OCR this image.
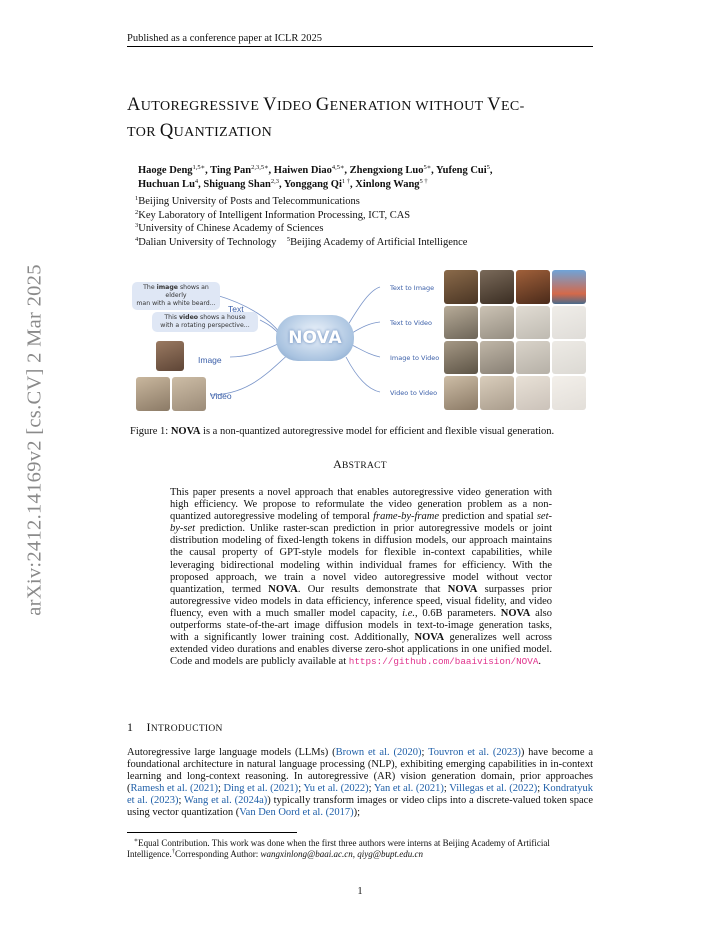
Published as a conference paper at ICLR 2025
arXiv:2412.14169v2 [cs.CV] 2 Mar 2025
AUTOREGRESSIVE VIDEO GENERATION WITHOUT VEC-
TOR QUANTIZATION
Haoge Deng$^{1,5∗}$, Ting Pan$^{2,3,5∗}$, Haiwen Diao$^{4,5∗}$, Zhengxiong Luo$^{5∗}$, Yufeng Cui$^5$,
Huchuan Lu$^4$, Shiguang Shan$^{2,3}$, Yonggang $Qi^{1 \dagger}$, Xinlong Wang$^{5 \dagger}$
$^1$Beijing University of Posts and Telecommunications
$^2$Key Laboratory of Intelligent Information Processing, ICT, CAS
$^3$University of Chinese Academy of Sciences
$^4$Dalian University of Technology $^5$Beijing Academy of Artificial Intelligence
The image shows an elderly
man with a white beard...
This video shows a house
with a rotating perspective...
Text
Image
Video
NOVA
Text to Image
Text to Video
Image to Video
Video to Video
Figure 1: NOVA is a non-quantized autoregressive model for efficient and flexible visual generation.
ABSTRACT
This paper presents a novel approach that enables autoregressive video generation with high efficiency. We propose to reformulate the video generation problem as a non-quantized autoregressive modeling of temporal frame-by-frame prediction and spatial set-by-set prediction. Unlike raster-scan prediction in prior autoregressive models or joint distribution modeling of fixed-length tokens in diffusion models, our approach maintains the causal property of GPT-style models for flexible in-context capabilities, while leveraging bidirectional modeling within individual frames for efficiency. With the proposed approach, we train a novel video autoregressive model without vector quantization, termed NOVA. Our results demonstrate that NOVA surpasses prior autoregressive video models in data efficiency, inference speed, visual fidelity, and video fluency, even with a much smaller model capacity, i.e., 0.6B parameters. NOVA also outperforms state-of-the-art image diffusion models in text-to-image generation tasks, with a significantly lower training cost. Additionally, NOVA generalizes well across extended video durations and enables diverse zero-shot applications in one unified model. Code and models are publicly available at https://github.com/baaivision/NOVA.
1 INTRODUCTION
Autoregressive large language models (LLMs) (Brown et al. (2020); Touvron et al. (2023)) have become a foundational architecture in natural language processing (NLP), exhibiting emerging capabilities in in-context learning and long-context reasoning. In autoregressive (AR) vision generation domain, prior approaches (Ramesh et al. (2021); Ding et al. (2021); Yu et al. (2022); Yan et al. (2021); Villegas et al. (2022); Kondratyuk et al. (2023); Wang et al. (2024a)) typically transform images or video clips into a discrete-valued token space using vector quantization (Van Den Oord et al. (2017));
∗Equal Contribution. This work was done when the first three authors were interns at Beijing Academy of Artificial Intelligence.†Corresponding Author: wangxinlong@baai.ac.cn, qiyg@bupt.edu.cn
1
